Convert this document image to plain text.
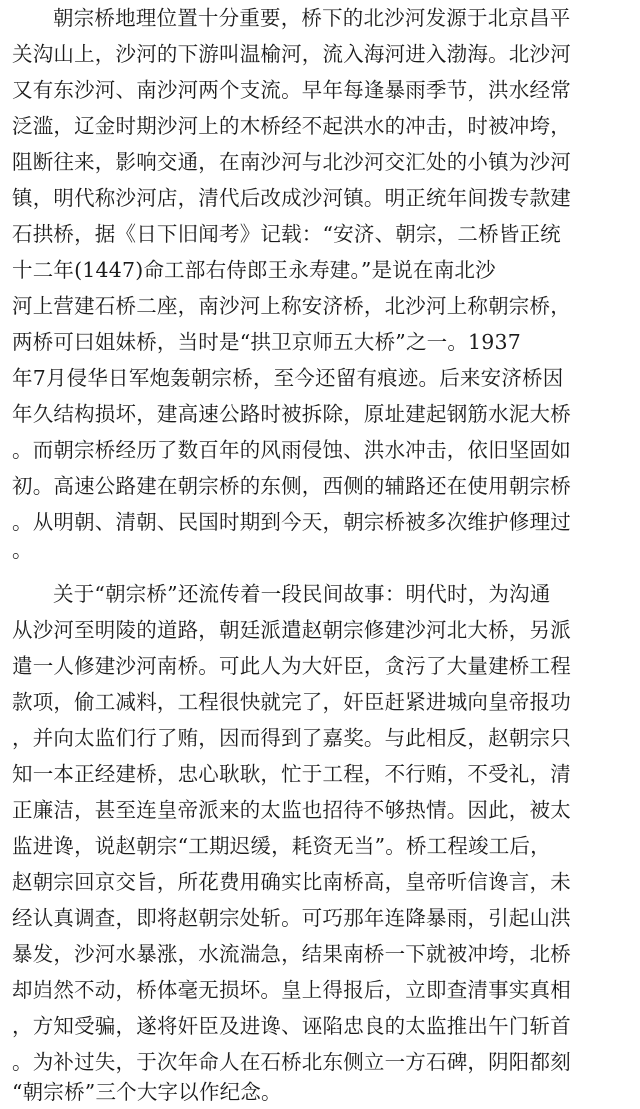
朝宗桥地理位置十分重要，桥下的北沙河发源于北京昌平
关沟山上，沙河的下游叫温榆河，流入海河进入渤海。北沙河
又有东沙河、南沙河两个支流。早年每逢暴雨季节，洪水经常
泛滥，辽金时期沙河上的木桥经不起洪水的冲击，时被冲垮，
阻断往来，影响交通，在南沙河与北沙河交汇处的小镇为沙河
镇，明代称沙河店，清代后改成沙河镇。明正统年间拨专款建
石拱桥，据《日下旧闻考》记载：“安济、朝宗，二桥皆正统
十二年(1447)命工部右侍郎王永寿建。”是说在南北沙
河上营建石桥二座，南沙河上称安济桥，北沙河上称朝宗桥，
两桥可曰姐妹桥，当时是“拱卫京师五大桥”之一。1937
年7月侵华日军炮轰朝宗桥，至今还留有痕迹。后来安济桥因
年久结构损坏，建高速公路时被拆除，原址建起钢筋水泥大桥
。而朝宗桥经历了数百年的风雨侵蚀、洪水冲击，依旧坚固如
初。高速公路建在朝宗桥的东侧，西侧的辅路还在使用朝宗桥
。从明朝、清朝、民国时期到今天，朝宗桥被多次维护修理过
。
关于“朝宗桥”还流传着一段民间故事：明代时，为沟通
从沙河至明陵的道路，朝廷派遣赵朝宗修建沙河北大桥，另派
遣一人修建沙河南桥。可此人为大奸臣，贪污了大量建桥工程
款项，偷工减料，工程很快就完了，奸臣赶紧进城向皇帝报功
，并向太监们行了贿，因而得到了嘉奖。与此相反，赵朝宗只
知一本正经建桥，忠心耿耿，忙于工程，不行贿，不受礼，清
正廉洁，甚至连皇帝派来的太监也招待不够热情。因此，被太
监进谗，说赵朝宗“工期迟缓，耗资无当”。桥工程竣工后，
赵朝宗回京交旨，所花费用确实比南桥高，皇帝听信谗言，未
经认真调查，即将赵朝宗处斩。可巧那年连降暴雨，引起山洪
暴发，沙河水暴涨，水流湍急，结果南桥一下就被冲垮，北桥
却岿然不动，桥体毫无损坏。皇上得报后，立即查清事实真相
，方知受骗，遂将奸臣及进谗、诬陷忠良的太监推出午门斩首
。为补过失，于次年命人在石桥北东侧立一方石碑，阴阳都刻
“朝宗桥”三个大字以作纪念。
